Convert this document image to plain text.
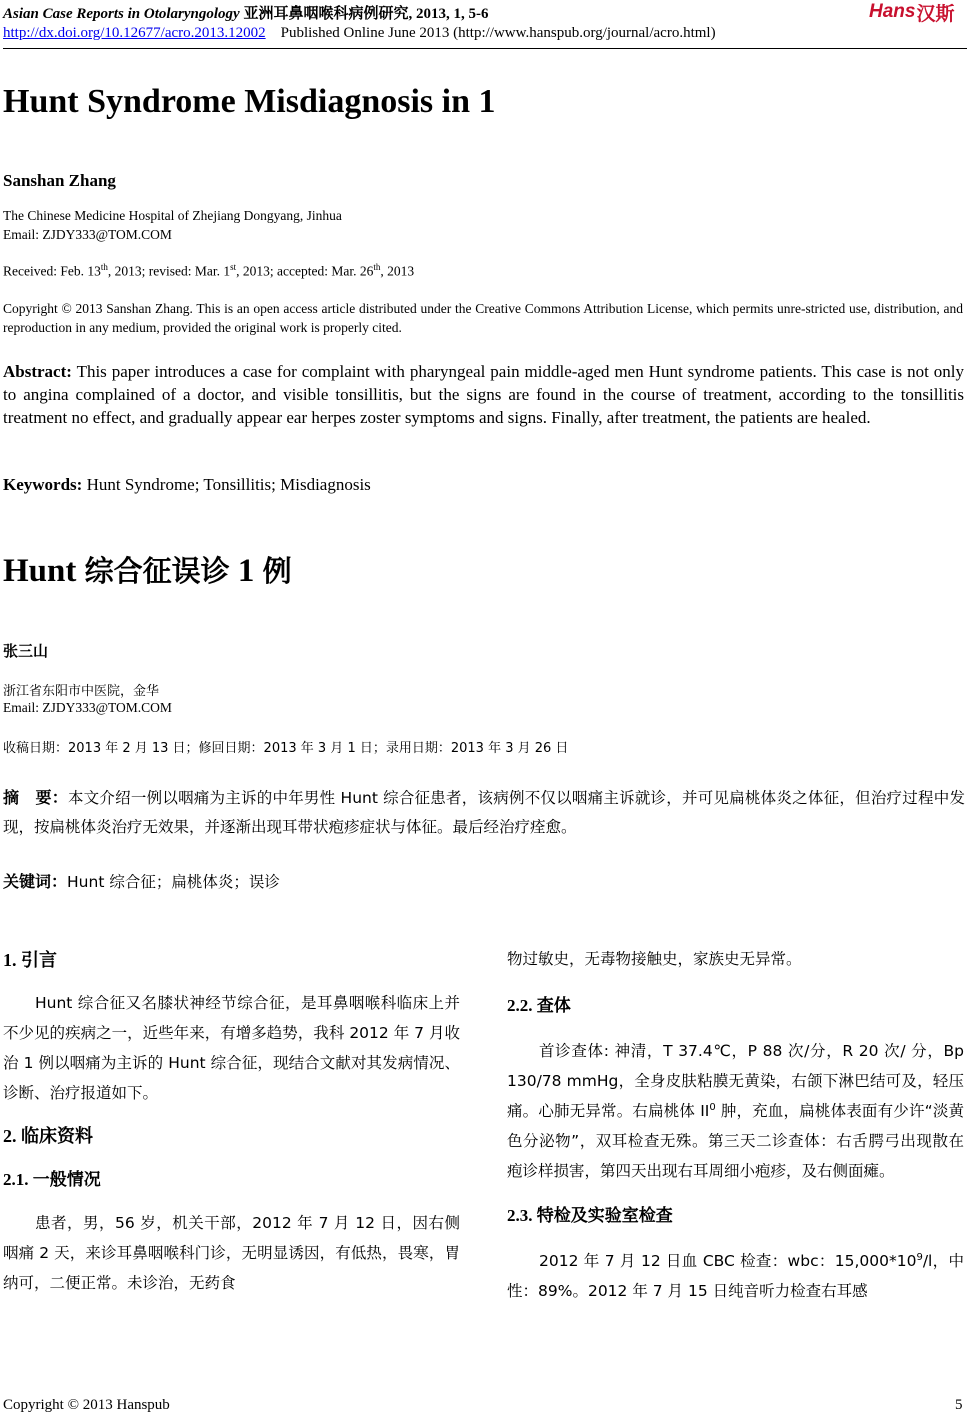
Asian Case Reports in Otolaryngology 亚洲耳鼻咽喉科病例研究, 2013, 1, 5-6	Hans 汉斯
http://dx.doi.org/10.12677/acro.2013.12002 Published Online June 2013 (http://www.hanspub.org/journal/acro.html)
Hunt Syndrome Misdiagnosis in 1
Sanshan Zhang
The Chinese Medicine Hospital of Zhejiang Dongyang, Jinhua
Email: ZJDY333@TOM.COM
Received: Feb. 13th, 2013; revised: Mar. 1st, 2013; accepted: Mar. 26th, 2013
Copyright © 2013 Sanshan Zhang. This is an open access article distributed under the Creative Commons Attribution License, which permits unre-stricted use, distribution, and reproduction in any medium, provided the original work is properly cited.
Abstract: This paper introduces a case for complaint with pharyngeal pain middle-aged men Hunt syndrome patients. This case is not only to angina complained of a doctor, and visible tonsillitis, but the signs are found in the course of treatment, according to the tonsillitis treatment no effect, and gradually appear ear herpes zoster symptoms and signs. Finally, after treatment, the patients are healed.
Keywords: Hunt Syndrome; Tonsillitis; Misdiagnosis
Hunt 综合征误诊 1 例
张三山
浙江省东阳市中医院，金华
Email: ZJDY333@TOM.COM
收稿日期：2013 年 2 月 13 日；修回日期：2013 年 3 月 1 日；录用日期：2013 年 3 月 26 日
摘　要：本文介绍一例以咽痛为主诉的中年男性 Hunt 综合征患者，该病例不仅以咽痛主诉就诊，并可见扁桃体炎之体征，但治疗过程中发现，按扁桃体炎治疗无效果，并逐渐出现耳带状疱疹症状与体征。最后经治疗痊愈。
关键词：Hunt 综合征；扁桃体炎；误诊
1. 引言

Hunt 综合征又名膝状神经节综合征，是耳鼻咽喉科临床上并不少见的疾病之一，近些年来，有增多趋势，我科 2012 年 7 月收治 1 例以咽痛为主诉的 Hunt 综合征，现结合文献对其发病情况、诊断、治疗报道如下。

2. 临床资料
2.1. 一般情况

患者，男，56 岁，机关干部，2012 年 7 月 12 日，因右侧咽痛 2 天，来诊耳鼻咽喉科门诊，无明显诱因，有低热，畏寒，胃纳可，二便正常。未诊治，无药食

物过敏史，无毒物接触史，家族史无异常。

2.2. 查体

首诊查体: 神清，T 37.4℃，P 88 次/分，R 20 次/ 分，Bp 130/78 mmHg，全身皮肤粘膜无黄染，右颌下淋巴结可及，轻压痛。心肺无异常。右扁桃体 $II^0$ 肿，充血，扁桃体表面有少许“淡黄色分泌物”，双耳检查无殊。第三天二诊查体：右舌腭弓出现散在疱诊样损害，第四天出现右耳周细小疱疹，及右侧面瘫。

2.3. 特检及实验室检查

2012 年 7 月 12 日血 CBC 检查：wbc：$15,000*10^9/l$，中性：89%。2012 年 7 月 15 日纯音听力检查右耳感

Copyright © 2013 Hanspub	5
